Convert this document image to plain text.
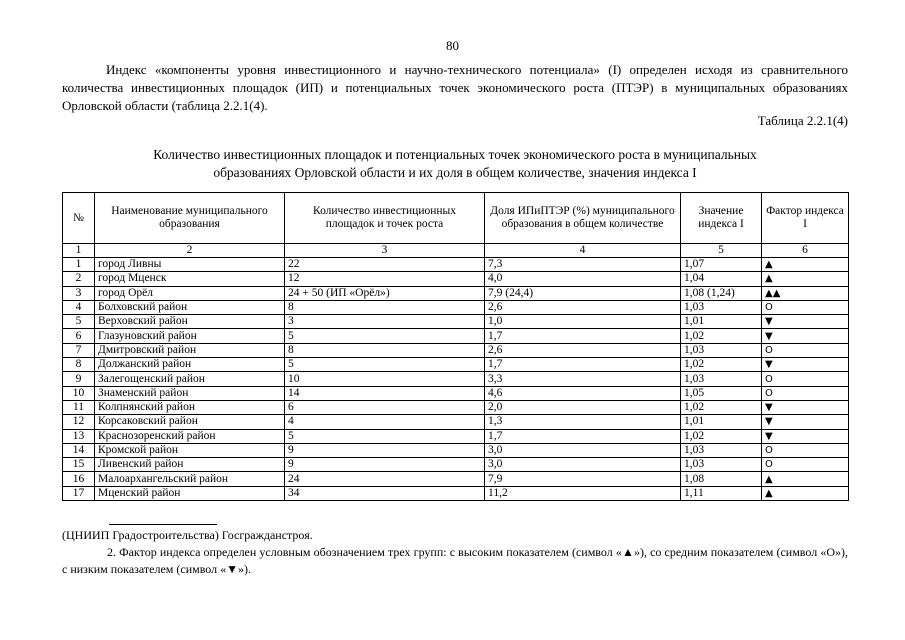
80
Индекс «компоненты уровня инвестиционного и научно-технического потенциала» (I) определен исходя из сравнительного количества инвестиционных площадок (ИП) и потенциальных точек экономического роста (ПТЭР) в муниципальных образованиях Орловской области (таблица 2.2.1(4).
Таблица 2.2.1(4)
Количество инвестиционных площадок и потенциальных точек экономического роста в муниципальных
образованиях Орловской области и их доля в общем количестве, значения индекса I
№	Наименование муниципального образования	Количество инвестиционных площадок и точек роста	Доля ИПиПТЭР (%) муниципального образования в общем количестве	Значение индекса I	Фактор индекса I
1	2	3	4	5	6
1	город Ливны	22	7,3	1,07	▲
2	город Мценск	12	4,0	1,04	▲
3	город Орёл	24 + 50 (ИП «Орёл»)	7,9 (24,4)	1,08 (1,24)	▲▲
4	Болховский район	8	2,6	1,03	O
5	Верховский район	3	1,0	1,01	▼
6	Глазуновский район	5	1,7	1,02	▼
7	Дмитровский район	8	2,6	1,03	O
8	Должанский район	5	1,7	1,02	▼
9	Залегощенский район	10	3,3	1,03	O
10	Знаменский район	14	4,6	1,05	O
11	Колпнянский район	6	2,0	1,02	▼
12	Корсаковский район	4	1,3	1,01	▼
13	Краснозоренский район	5	1,7	1,02	▼
14	Кромской район	9	3,0	1,03	O
15	Ливенский район	9	3,0	1,03	O
16	Малоархангельский район	24	7,9	1,08	▲
17	Мценский район	34	11,2	1,11	▲
(ЦНИИП Градостроительства) Госгражданстроя.
2. Фактор индекса определен условным обозначением трех групп: с высоким показателем (символ «▲»), со средним показателем (символ «О»), с низким показателем (символ «▼»).
